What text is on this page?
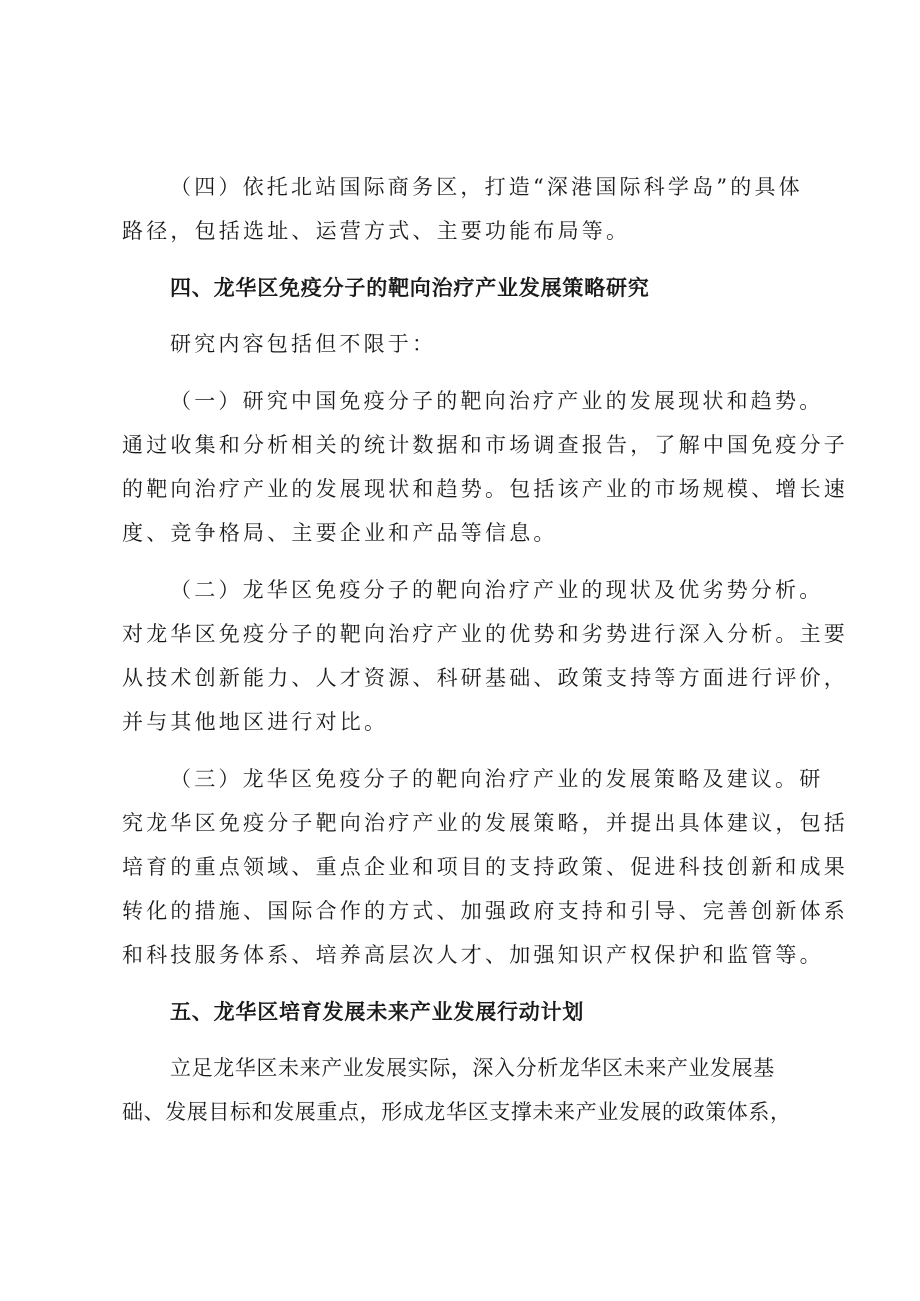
（四）依托北站国际商务区，打造“深港国际科学岛”的具体
路径，包括选址、运营方式、主要功能布局等。

四、龙华区免疫分子的靶向治疗产业发展策略研究

研究内容包括但不限于：

（一）研究中国免疫分子的靶向治疗产业的发展现状和趋势。
通过收集和分析相关的统计数据和市场调查报告，了解中国免疫分子
的靶向治疗产业的发展现状和趋势。包括该产业的市场规模、增长速
度、竞争格局、主要企业和产品等信息。

（二）龙华区免疫分子的靶向治疗产业的现状及优劣势分析。
对龙华区免疫分子的靶向治疗产业的优势和劣势进行深入分析。主要
从技术创新能力、人才资源、科研基础、政策支持等方面进行评价，
并与其他地区进行对比。

（三）龙华区免疫分子的靶向治疗产业的发展策略及建议。研
究龙华区免疫分子靶向治疗产业的发展策略，并提出具体建议，包括
培育的重点领域、重点企业和项目的支持政策、促进科技创新和成果
转化的措施、国际合作的方式、加强政府支持和引导、完善创新体系
和科技服务体系、培养高层次人才、加强知识产权保护和监管等。

五、龙华区培育发展未来产业发展行动计划

立足龙华区未来产业发展实际，深入分析龙华区未来产业发展基
础、发展目标和发展重点，形成龙华区支撑未来产业发展的政策体系，
